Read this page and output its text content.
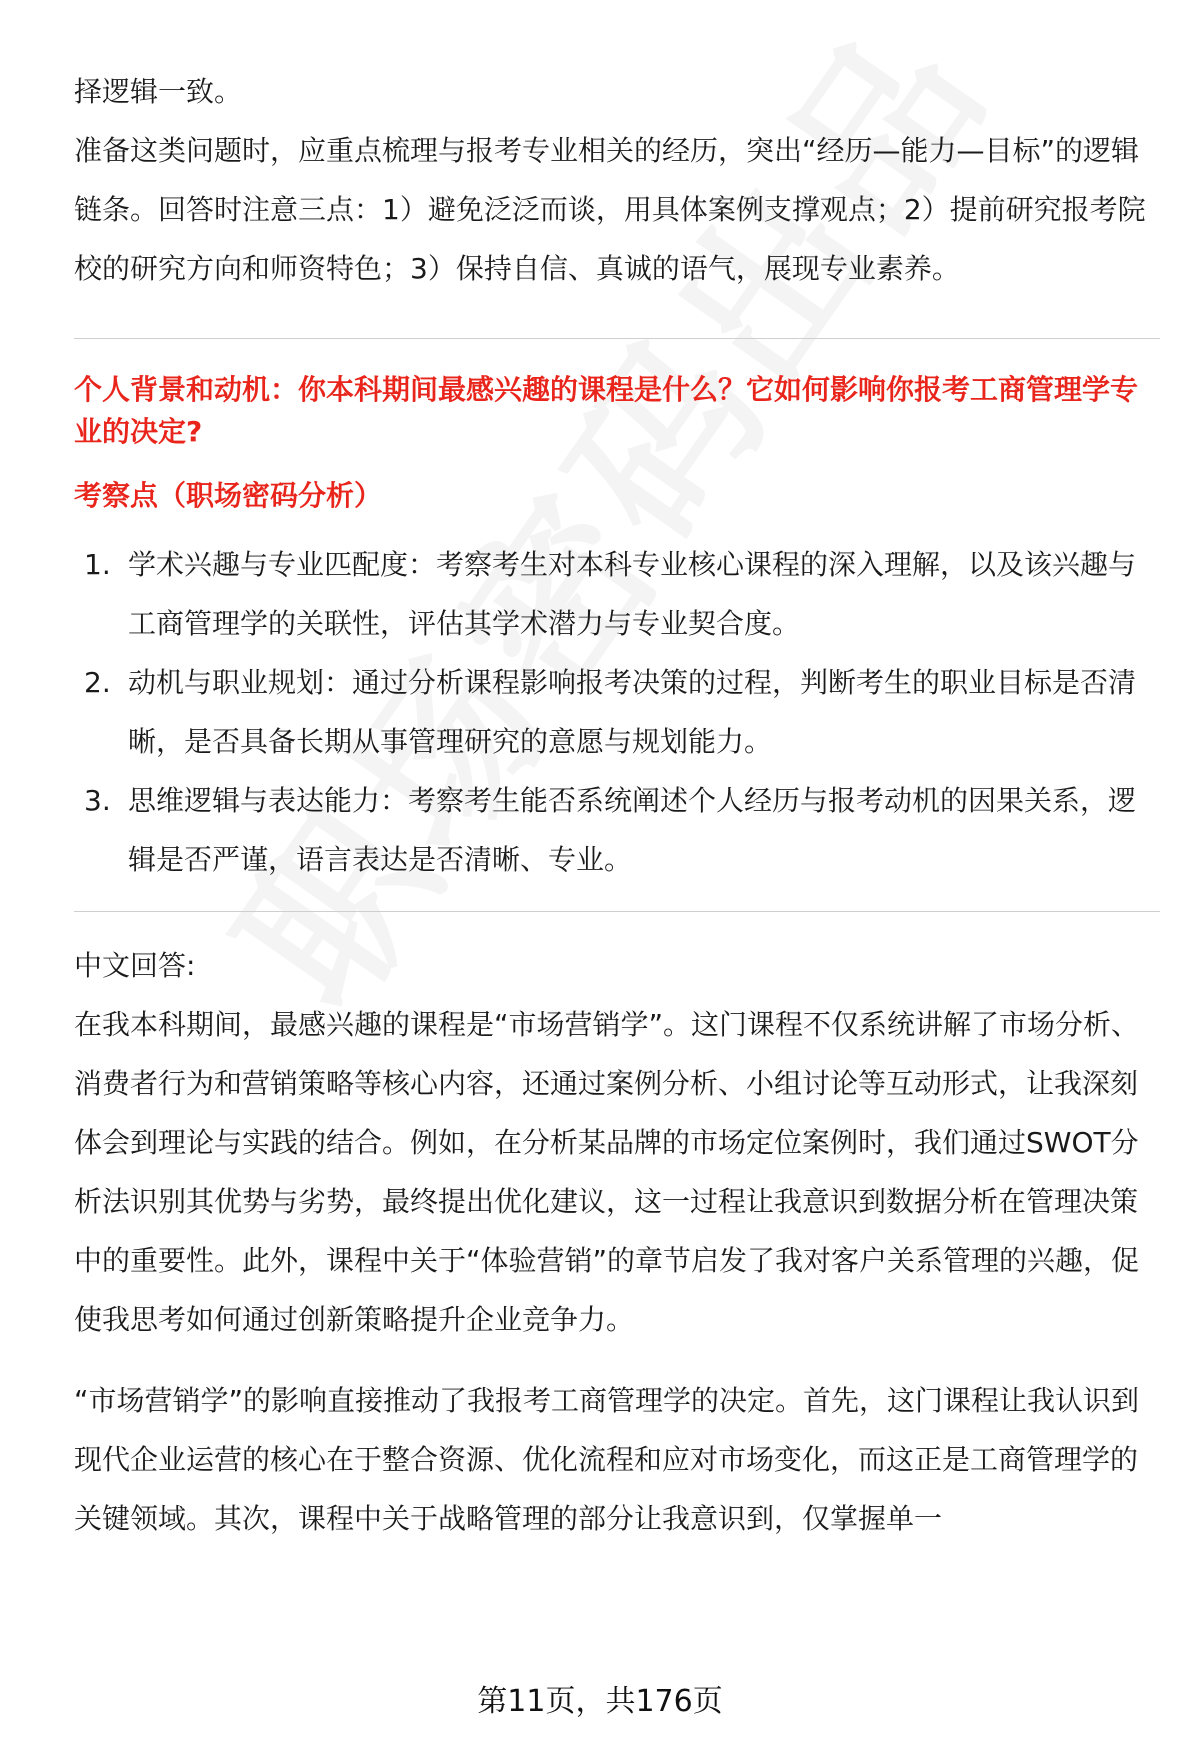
择逻辑一致。

准备这类问题时，应重点梳理与报考专业相关的经历，突出“经历—能力—目标”的逻辑链条。回答时注意三点：1）避免泛泛而谈，用具体案例支撑观点；2）提前研究报考院校的研究方向和师资特色；3）保持自信、真诚的语气，展现专业素养。

个人背景和动机：你本科期间最感兴趣的课程是什么？它如何影响你报考工商管理学专业的决定?

考察点（职场密码分析）

1. 学术兴趣与专业匹配度：考察考生对本科专业核心课程的深入理解，以及该兴趣与工商管理学的关联性，评估其学术潜力与专业契合度。
2. 动机与职业规划：通过分析课程影响报考决策的过程，判断考生的职业目标是否清晰，是否具备长期从事管理研究的意愿与规划能力。
3. 思维逻辑与表达能力：考察考生能否系统阐述个人经历与报考动机的因果关系，逻辑是否严谨，语言表达是否清晰、专业。

中文回答:

在我本科期间，最感兴趣的课程是“市场营销学”。这门课程不仅系统讲解了市场分析、消费者行为和营销策略等核心内容，还通过案例分析、小组讨论等互动形式，让我深刻体会到理论与实践的结合。例如，在分析某品牌的市场定位案例时，我们通过SWOT分析法识别其优势与劣势，最终提出优化建议，这一过程让我意识到数据分析在管理决策中的重要性。此外，课程中关于“体验营销”的章节启发了我对客户关系管理的兴趣，促使我思考如何通过创新策略提升企业竞争力。

“市场营销学”的影响直接推动了我报考工商管理学的决定。首先，这门课程让我认识到现代企业运营的核心在于整合资源、优化流程和应对市场变化，而这正是工商管理学的关键领域。其次，课程中关于战略管理的部分让我意识到，仅掌握单一

第11页，共176页
